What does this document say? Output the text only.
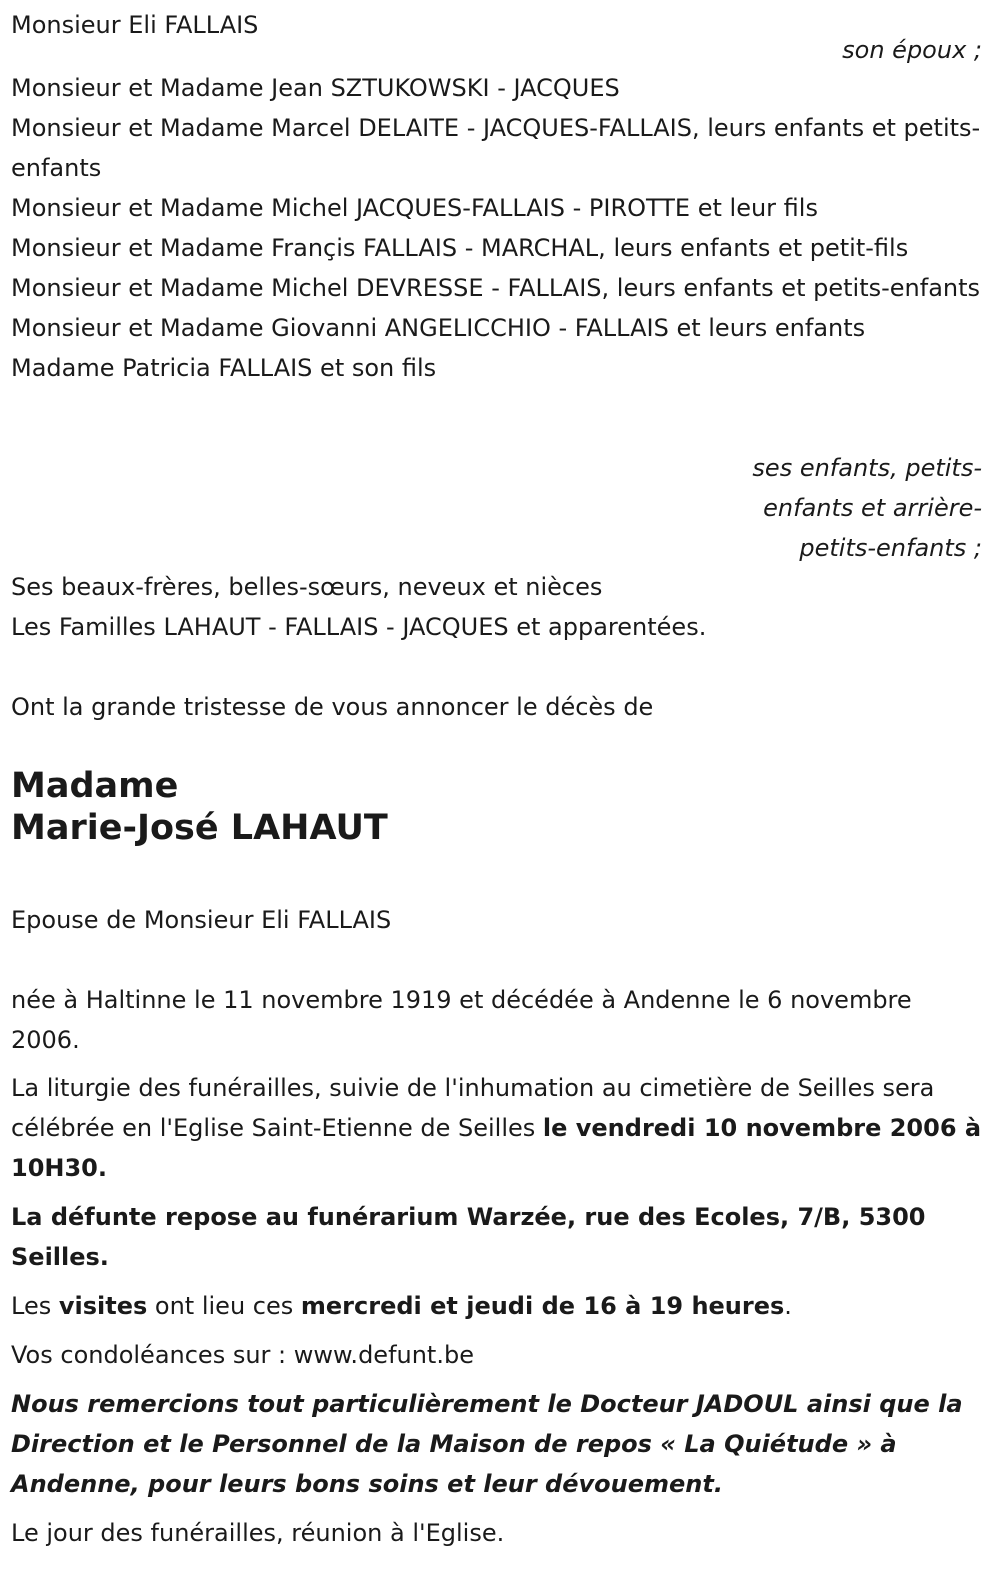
Monsieur Eli FALLAIS

son époux ;

Monsieur et Madame Jean SZTUKOWSKI - JACQUES
Monsieur et Madame Marcel DELAITE - JACQUES-FALLAIS, leurs enfants et petits-enfants
Monsieur et Madame Michel JACQUES-FALLAIS - PIROTTE et leur fils
Monsieur et Madame Françis FALLAIS - MARCHAL, leurs enfants et petit-fils
Monsieur et Madame Michel DEVRESSE - FALLAIS, leurs enfants et petits-enfants
Monsieur et Madame Giovanni ANGELICCHIO - FALLAIS et leurs enfants
Madame Patricia FALLAIS et son fils
ses enfants, petits-
enfants et arrière-
petits-enfants ;
Ses beaux-frères, belles-sœurs, neveux et nièces
Les Familles LAHAUT - FALLAIS - JACQUES et apparentées.

Ont la grande tristesse de vous annoncer le décès de

Madame
Marie-José LAHAUT

Epouse de Monsieur Eli FALLAIS

née à Haltinne le 11 novembre 1919 et décédée à Andenne le 6 novembre 2006.

La liturgie des funérailles, suivie de l'inhumation au cimetière de Seilles sera célébrée en l'Eglise Saint-Etienne de Seilles le vendredi 10 novembre 2006 à 10H30.

La défunte repose au funérarium Warzée, rue des Ecoles, 7/B, 5300 Seilles.

Les visites ont lieu ces mercredi et jeudi de 16 à 19 heures.

Vos condoléances sur : www.defunt.be

Nous remercions tout particulièrement le Docteur JADOUL ainsi que la Direction et le Personnel de la Maison de repos « La Quiétude » à Andenne, pour leurs bons soins et leur dévouement.

Le jour des funérailles, réunion à l'Eglise.
